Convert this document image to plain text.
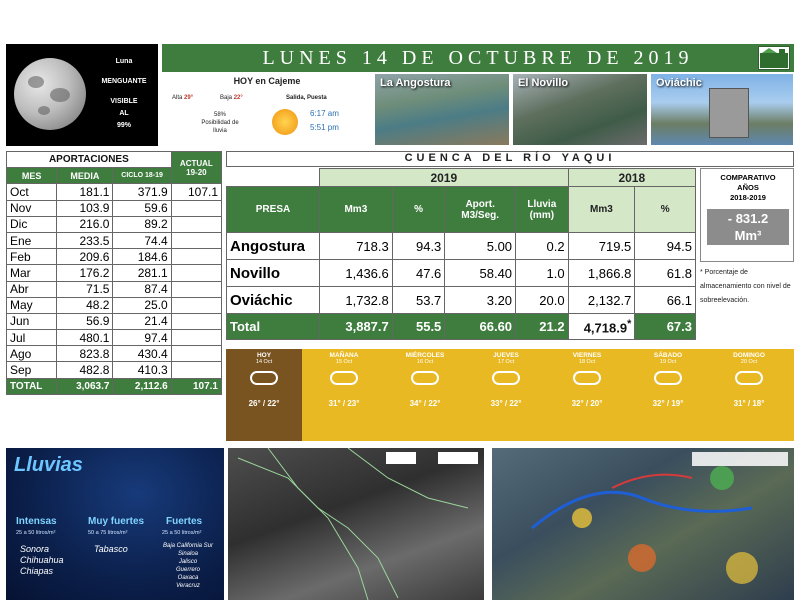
Luna
MENGUANTE
VISIBLE
AL
99%
LUNES 14 DE OCTUBRE DE 2019
HOY en Cajeme
Alta 29°	Baja 22°
58%
Posibilidad de
lluvia
Salida, Puesta
6:17 am
5:51 pm
La Angostura	El Novillo	Oviáchic
APORTACIONES			ACTUAL 19-20
MES	MEDIA	CICLO 18-19	
Oct	181.1	371.9	107.1
Nov	103.9	59.6	
Dic	216.0	89.2	
Ene	233.5	74.4	
Feb	209.6	184.6	
Mar	176.2	281.1	
Abr	71.5	87.4	
May	48.2	25.0	
Jun	56.9	21.4	
Jul	480.1	97.4	
Ago	823.8	430.4	
Sep	482.8	410.3	
TOTAL	3,063.7	2,112.6	107.1
CUENCA DEL RÍO YAQUI
	2019				2018	
PRESA	Mm3	%	Aport. M3/Seg.	Lluvia (mm)	Mm3	%
Angostura	718.3	94.3	5.00	0.2	719.5	94.5
Novillo	1,436.6	47.6	58.40	1.0	1,866.8	61.8
Oviáchic	1,732.8	53.7	3.20	20.0	2,132.7	66.1
Total	3,887.7	55.5	66.60	21.2	4,718.9*	67.3
COMPARATIVO
AÑOS
2018-2019
- 831.2
Mm³
* Porcentaje de almacenamiento con nivel de sobreelevación.
HOY
14 Oct
26° / 22°
MAÑANA
15 Oct
31° / 23°
MIÉRCOLES
16 Oct
34° / 22°
JUEVES
17 Oct
33° / 22°
VIERNES
18 Oct
32° / 20°
SÁBADO
19 Oct
32° / 19°
DOMINGO
20 Oct
31° / 18°
Lluvias
Intensas
25 a 50 litros/m²
Sonora
Chihuahua
Chiapas
Muy fuertes
50 a 75 litros/m²
Tabasco
Fuertes
25 a 50 litros/m²
Baja California Sur
Sinaloa
Jalisco
Guerrero
Oaxaca
Veracruz
